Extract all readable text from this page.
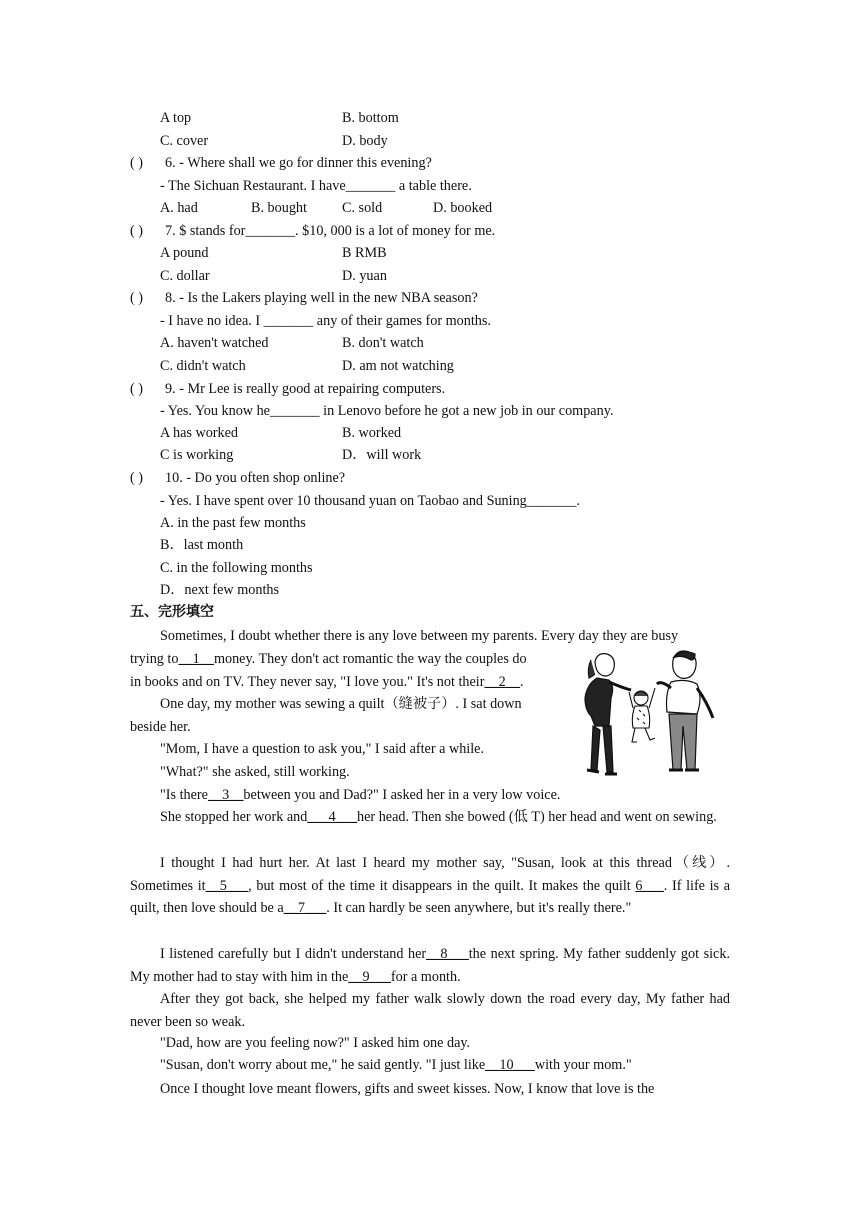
A top	B. bottom
C. cover	D. body
( ) 6. - Where shall we go for dinner this evening?
- The Sichuan Restaurant. I have_______ a table there.
A. had	B. bought C. sold	D. booked
( ) 7. $ stands for_______. $10, 000 is a lot of money for me.
A pound	B RMB
C. dollar	D. yuan
( ) 8. - Is the Lakers playing well in the new NBA season?
- I have no idea. I _______ any of their games for months.
A. haven't watched	B. don't watch
C. didn't watch	D. am not watching
( ) 9. - Mr Lee is really good at repairing computers.
- Yes. You know he_______ in Lenovo before he got a new job in our company.
A has worked	B. worked
C is working	D．will work
( ) 10. - Do you often shop online?
- Yes. I have spent over 10 thousand yuan on Taobao and Suning_______.
A. in the past few months
B．last month
C. in the following months
D．next few months
五、完形填空
Sometimes, I doubt whether there is any love between my parents. Every day they are busy
trying to__1__money. They don't act romantic the way the couples do
in books and on TV. They never say, "I love you." It's not their__2__.
One day, my mother was sewing a quilt（缝被子）. I sat down
beside her.
"Mom, I have a question to ask you," I said after a while.
"What?" she asked, still working.
"Is there__3__between you and Dad?" I asked her in a very low voice.
She stopped her work and___4___her head. Then she bowed (低 T) her head and went on sewing.
I thought I had hurt her. At last I heard my mother say, "Susan, look at this thread（线）. Sometimes it__5___, but most of the time it disappears in the quilt. It makes the quilt 6___. If life is a quilt, then love should be a__7___. It can hardly be seen anywhere, but it's really there."
I listened carefully but I didn't understand her__8___the next spring. My father suddenly got sick. My mother had to stay with him in the__9___for a month.
After they got back, she helped my father walk slowly down the road every day, My father had never been so weak.
"Dad, how are you feeling now?" I asked him one day.
"Susan, don't worry about me," he said gently. "I just like__10___with your mom."
Once I thought love meant flowers, gifts and sweet kisses. Now, I know that love is the
